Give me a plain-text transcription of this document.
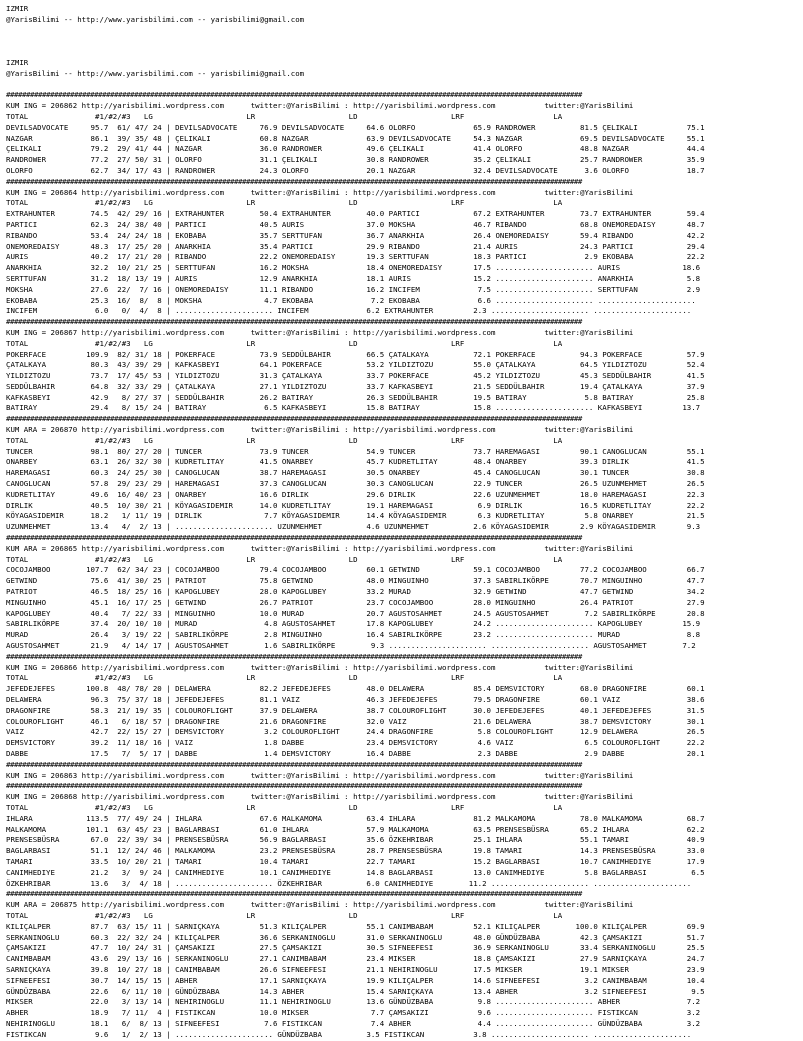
IZMIR
@YarisBilimi -- http://www.yarisbilimi.com -- yarisbilimi@gmail.com
IZMIR
@YarisBilimi -- http://www.yarisbilimi.com -- yarisbilimi@gmail.com
################################################################################################################################################
KUM ING = 206862 http://yarisbilimi.wordpress.com      twitter:@YarisBilimi : http://yarisbilimi.wordpress.com           twitter:@YarisBilimi
TOTAL               #1/#2/#3   LG                     LR                     LD                     LRF                    LA
DEVILSADVOCATE     95.7  61/ 47/ 24 | DEVILSADVOCATE     76.9 DEVILSADVOCATE     64.6 OLORFO             65.9 RANDROWER          81.5 ÇELIKALI           75.1
NAZGAR             86.1  39/ 35/ 48 | ÇELIKALI           60.8 NAZGAR             63.9 DEVILSADVOCATE     54.3 NAZGAR             69.5 DEVILSADVOCATE     55.1
ÇELIKALI           79.2  29/ 41/ 44 | NAZGAR             36.0 RANDROWER          49.6 ÇELIKALI           41.4 OLORFO             48.8 NAZGAR             44.4
RANDROWER          77.2  27/ 50/ 31 | OLORFO             31.1 ÇELIKALI           30.8 RANDROWER          35.2 ÇELIKALI           25.7 RANDROWER          35.9
OLORFO             62.7  34/ 17/ 43 | RANDROWER          24.3 OLORFO             20.1 NAZGAR             32.4 DEVILSADVOCATE      3.6 OLORFO             18.7
################################################################################################################################################
KUM ING = 206864 http://yarisbilimi.wordpress.com      twitter:@YarisBilimi : http://yarisbilimi.wordpress.com           twitter:@YarisBilimi
TOTAL               #1/#2/#3   LG                     LR                     LD                     LRF                    LA
EXTRAHUNTER        74.5  42/ 29/ 16 | EXTRAHUNTER        50.4 EXTRAHUNTER        40.0 PARTICI            67.2 EXTRAHUNTER        73.7 EXTRAHUNTER        59.4
PARTICI            62.3  24/ 38/ 40 | PARTICI            40.5 AURIS              37.0 MOKSHA             46.7 RIBANDO            68.8 ONEMOREDAISY       48.7
RIBANDO            53.4  24/ 24/ 18 | EKOBABA            35.7 SERTTUFAN          36.7 ANARKHIA           26.4 ONEMOREDAISY       59.4 RIBANDO            42.2
ONEMOREDAISY       48.3  17/ 25/ 20 | ANARKHIA           35.4 PARTICI            29.9 RIBANDO            21.4 AURIS              24.3 PARTICI            29.4
AURIS              40.2  17/ 21/ 20 | RIBANDO            22.2 ONEMOREDAISY       19.3 SERTTUFAN          18.3 PARTICI             2.9 EKOBABA            22.2
ANARKHIA           32.2  10/ 21/ 25 | SERTTUFAN          16.2 MOKSHA             18.4 ONEMOREDAISY       17.5 ...................... AURIS              18.6
SERTTUFAN          31.2  18/ 13/ 19 | AURIS              12.9 ANARKHIA           18.1 AURIS              15.2 ...................... ANARKHIA            5.8
MOKSHA             27.6  22/  7/ 16 | ONEMOREDAISY       11.1 RIBANDO            16.2 INCIFEM             7.5 ...................... SERTTUFAN           2.9
EKOBABA            25.3  16/  8/  8 | MOKSHA              4.7 EKOBABA             7.2 EKOBABA             6.6 ...................... ......................
INCIFEM             6.0   0/  4/  8 | ...................... INCIFEM             6.2 EXTRAHUNTER         2.3 ...................... ......................
################################################################################################################################################
KUM ING = 206867 http://yarisbilimi.wordpress.com      twitter:@YarisBilimi : http://yarisbilimi.wordpress.com           twitter:@YarisBilimi
TOTAL               #1/#2/#3   LG                     LR                     LD                     LRF                    LA
POKERFACE         109.9  82/ 31/ 18 | POKERFACE          73.9 SEDDÜLBAHIR        66.5 ÇATALKAYA          72.1 POKERFACE          94.3 POKERFACE          57.9
ÇATALKAYA          80.3  43/ 39/ 29 | KAFKASBEYI         64.1 POKERFACE          53.2 YILDIZTOZU         55.0 ÇATALKAYA          64.5 YILDIZTOZU         52.4
YILDIZTOZU         73.7  17/ 45/ 53 | YILDIZTOZU         31.3 ÇATALKAYA          33.7 POKERFACE          45.2 YILDIZTOZU         45.3 SEDDÜLBAHIR        41.5
SEDDÜLBAHIR        64.8  32/ 33/ 29 | ÇATALKAYA          27.1 YILDIZTOZU         33.7 KAFKASBEYI         21.5 SEDDÜLBAHIR        19.4 ÇATALKAYA          37.9
KAFKASBEYI         42.9   8/ 27/ 37 | SEDDÜLBAHIR        26.2 BATIRAY            26.3 SEDDÜLBAHIR        19.5 BATIRAY             5.8 BATIRAY            25.8
BATIRAY            29.4   8/ 15/ 24 | BATIRAY             6.5 KAFKASBEYI         15.8 BATIRAY            15.8 ...................... KAFKASBEYI         13.7
################################################################################################################################################
KUM ARA = 206870 http://yarisbilimi.wordpress.com      twitter:@YarisBilimi : http://yarisbilimi.wordpress.com           twitter:@YarisBilimi
TOTAL               #1/#2/#3   LG                     LR                     LD                     LRF                    LA
TUNCER             98.1  80/ 27/ 20 | TUNCER             73.9 TUNCER             54.9 TUNCER             73.7 HAREMAGASI         90.1 CANOGLUCAN         55.1
ONARBEY            63.1  26/ 32/ 30 | KUDRETLITAY        41.5 ONARBEY            45.7 KUDRETLITAY        48.4 ONARBEY            39.3 DIRLIK             41.5
HAREMAGASI         60.3  24/ 25/ 30 | CANOGLUCAN         38.7 HAREMAGASI         30.5 ONARBEY            45.4 CANOGLUCAN         30.1 TUNCER             30.8
CANOGLUCAN         57.8  29/ 23/ 29 | HAREMAGASI         37.3 CANOGLUCAN         30.3 CANOGLUCAN         22.9 TUNCER             26.5 UZUNMEHMET         26.5
KUDRETLITAY        49.6  16/ 40/ 23 | ONARBEY            16.6 DIRLIK             29.6 DIRLIK             22.6 UZUNMEHMET         18.0 HAREMAGASI         22.3
DIRLIK             40.5  10/ 30/ 21 | KÖYAGASIDEMIR      14.0 KUDRETLITAY        19.1 HAREMAGASI          6.9 DIRLIK             16.5 KUDRETLITAY        22.2
KÖYAGASIDEMIR      18.2   1/ 11/ 19 | DIRLIK              7.7 KÖYAGASIDEMIR      14.4 KÖYAGASIDEMIR       6.3 KUDRETLITAY         5.8 ONARBEY            21.5
UZUNMEHMET         13.4   4/  2/ 13 | ...................... UZUNMEHMET          4.6 UZUNMEHMET          2.6 KÖYAGASIDEMIR       2.9 KÖYAGASIDEMIR       9.3
################################################################################################################################################
KUM ARA = 206865 http://yarisbilimi.wordpress.com      twitter:@YarisBilimi : http://yarisbilimi.wordpress.com           twitter:@YarisBilimi
TOTAL               #1/#2/#3   LG                     LR                     LD                     LRF                    LA
COCOJAMBOO        107.7  62/ 34/ 23 | COCOJAMBOO         79.4 COCOJAMBOO         60.1 GETWIND            59.1 COCOJAMBOO         77.2 COCOJAMBOO         66.7
GETWIND            75.6  41/ 30/ 25 | PATRIOT            75.8 GETWIND            48.0 MINGUINHO          37.3 SABIRLIKÖRPE       70.7 MINGUINHO          47.7
PATRIOT            46.5  18/ 25/ 16 | KAPOGLUBEY         28.0 KAPOGLUBEY         33.2 MURAD              32.9 GETWIND            47.7 GETWIND            34.2
MINGUINHO          45.1  16/ 17/ 25 | GETWIND            26.7 PATRIOT            23.7 COCOJAMBOO         28.0 MINGUINHO          26.4 PATRIOT            27.9
KAPOGLUBEY         40.4   7/ 22/ 33 | MINGUINHO          10.0 MURAD              20.7 AGUSTOSAHMET       24.5 AGUSTOSAHMET        7.2 SABIRLIKÖRPE       20.8
SABIRLIKÖRPE       37.4  20/ 10/ 10 | MURAD               4.8 AGUSTOSAHMET       17.8 KAPOGLUBEY         24.2 ...................... KAPOGLUBEY         15.9
MURAD              26.4   3/ 19/ 22 | SABIRLIKÖRPE        2.8 MINGUINHO          16.4 SABIRLIKÖRPE       23.2 ...................... MURAD               8.8
AGUSTOSAHMET       21.9   4/ 14/ 17 | AGUSTOSAHMET        1.6 SABIRLIKÖRPE        9.3 ...................... ...................... AGUSTOSAHMET        7.2
################################################################################################################################################
KUM ING = 206866 http://yarisbilimi.wordpress.com      twitter:@YarisBilimi : http://yarisbilimi.wordpress.com           twitter:@YarisBilimi
TOTAL               #1/#2/#3   LG                     LR                     LD                     LRF                    LA
JEFEDEJEFES       100.8  48/ 78/ 20 | DELAWERA           82.2 JEFEDEJEFES        48.0 DELAWERA           85.4 DEMSVICTORY        68.0 DRAGONFIRE         60.1
DELAWERA           96.3  75/ 37/ 18 | JEFEDEJEFES        81.1 VAIZ               46.3 JEFEDEJEFES        79.5 DRAGONFIRE         60.1 VAIZ               38.6
DRAGONFIRE         58.3  21/ 19/ 35 | COLOUROFLIGHT      37.9 DELAWERA           38.7 COLOUROFLIGHT      30.0 JEFEDEJEFES        40.1 JEFEDEJEFES        31.5
COLOUROFLIGHT      46.1   6/ 18/ 57 | DRAGONFIRE         21.6 DRAGONFIRE         32.0 VAIZ               21.6 DELAWERA           38.7 DEMSVICTORY        30.1
VAIZ               42.7  22/ 15/ 27 | DEMSVICTORY         3.2 COLOUROFLIGHT      24.4 DRAGONFIRE          5.8 COLOUROFLIGHT      12.9 DELAWERA           26.5
DEMSVICTORY        39.2  11/ 18/ 16 | VAIZ                1.8 DABBE              23.4 DEMSVICTORY         4.6 VAIZ                6.5 COLOUROFLIGHT      22.2
DABBE              17.5   7/  5/ 17 | DABBE               1.4 DEMSVICTORY        16.4 DABBE               2.3 DABBE               2.9 DABBE              20.1
################################################################################################################################################
KUM ING = 206863 http://yarisbilimi.wordpress.com      twitter:@YarisBilimi : http://yarisbilimi.wordpress.com           twitter:@YarisBilimi
################################################################################################################################################
KUM ING = 206868 http://yarisbilimi.wordpress.com      twitter:@YarisBilimi : http://yarisbilimi.wordpress.com           twitter:@YarisBilimi
TOTAL               #1/#2/#3   LG                     LR                     LD                     LRF                    LA
IHLARA            113.5  77/ 49/ 24 | IHLARA             67.6 MALKAMOMA          63.4 IHLARA             81.2 MALKAMOMA          78.0 MALKAMOMA          68.7
MALKAMOMA         101.1  63/ 45/ 23 | BAGLARBASI         61.0 IHLARA             57.9 MALKAMOMA          63.5 PRENSESBÜSRA       65.2 IHLARA             62.2
PRENSESBÜSRA       67.0  22/ 39/ 34 | PRENSESBÜSRA       56.9 BAGLARBASI         35.6 ÖZKEHRIBAR         25.1 IHLARA             55.1 TAMARI             40.9
BAGLARBASI         51.1  12/ 24/ 46 | MALKAMOMA          23.2 PRENSESBÜSRA       28.7 PRENSESBÜSRA       19.8 TAMARI             14.3 PRENSESBÜSRA       33.0
TAMARI             33.5  10/ 20/ 21 | TAMARI             10.4 TAMARI             22.7 TAMARI             15.2 BAGLARBASI         10.7 CANIMHEDIYE        17.9
CANIMHEDIYE        21.2   3/  9/ 24 | CANIMHEDIYE        10.1 CANIMHEDIYE        14.8 BAGLARBASI         13.0 CANIMHEDIYE         5.8 BAGLARBASI          6.5
ÖZKEHRIBAR         13.6   3/  4/ 18 | ...................... ÖZKEHRIBAR          6.0 CANIMHEDIYE        11.2 ...................... ......................
################################################################################################################################################
KUM ARA = 206875 http://yarisbilimi.wordpress.com      twitter:@YarisBilimi : http://yarisbilimi.wordpress.com           twitter:@YarisBilimi
TOTAL               #1/#2/#3   LG                     LR                     LD                     LRF                    LA
KILIÇALPER         87.7  63/ 15/ 11 | SARNIÇKAYA         51.3 KILIÇALPER         55.1 CANIMBABAM         52.1 KILIÇALPER        100.0 KILIÇALPER         69.9
SERKANINOGLU       60.3  22/ 32/ 24 | KILIÇALPER         36.6 SERKANINOGLU       31.0 SERKANINOGLU       48.0 GÜNDÜZBABA         42.3 ÇAMSAKIZI          51.7
ÇAMSAKIZI          47.7  10/ 24/ 31 | ÇAMSAKIZI          27.5 ÇAMSAKIZI          30.5 SIFNEEFESI         36.9 SERKANINOGLU       33.4 SERKANINOGLU       25.5
CANIMBABAM         43.6  29/ 13/ 16 | SERKANINOGLU       27.1 CANIMBABAM         23.4 MIKSER             18.8 ÇAMSAKIZI          27.9 SARNIÇKAYA         24.7
SARNIÇKAYA         39.8  10/ 27/ 18 | CANIMBABAM         26.6 SIFNEEFESI         21.1 NEHIRINOGLU        17.5 MIKSER             19.1 MIKSER             23.9
SIFNEEFESI         30.7  14/ 15/ 15 | ABHER              17.1 SARNIÇKAYA         19.9 KILIÇALPER         14.6 SIFNEEFESI          3.2 CANIMBABAM         10.4
GÜNDÜZBABA         22.6   6/ 11/ 10 | GÜNDÜZBABA         14.3 ABHER              15.4 SARNIÇKAYA         13.4 ABHER               3.2 SIFNEEFESI          9.5
MIKSER             22.0   3/ 13/ 14 | NEHIRINOGLU        11.1 NEHIRINOGLU        13.6 GÜNDÜZBABA          9.8 ...................... ABHER               7.2
ABHER              18.9   7/ 11/  4 | FISTIKCAN          10.0 MIKSER              7.7 ÇAMSAKIZI           9.6 ...................... FISTIKCAN           3.2
NEHIRINOGLU        18.1   6/  8/ 13 | SIFNEEFESI          7.6 FISTIKCAN           7.4 ABHER               4.4 ...................... GÜNDÜZBABA          3.2
FISTIKCAN           9.6   1/  2/ 13 | ...................... GÜNDÜZBABA          3.5 FISTIKCAN           3.8 ...................... ......................
